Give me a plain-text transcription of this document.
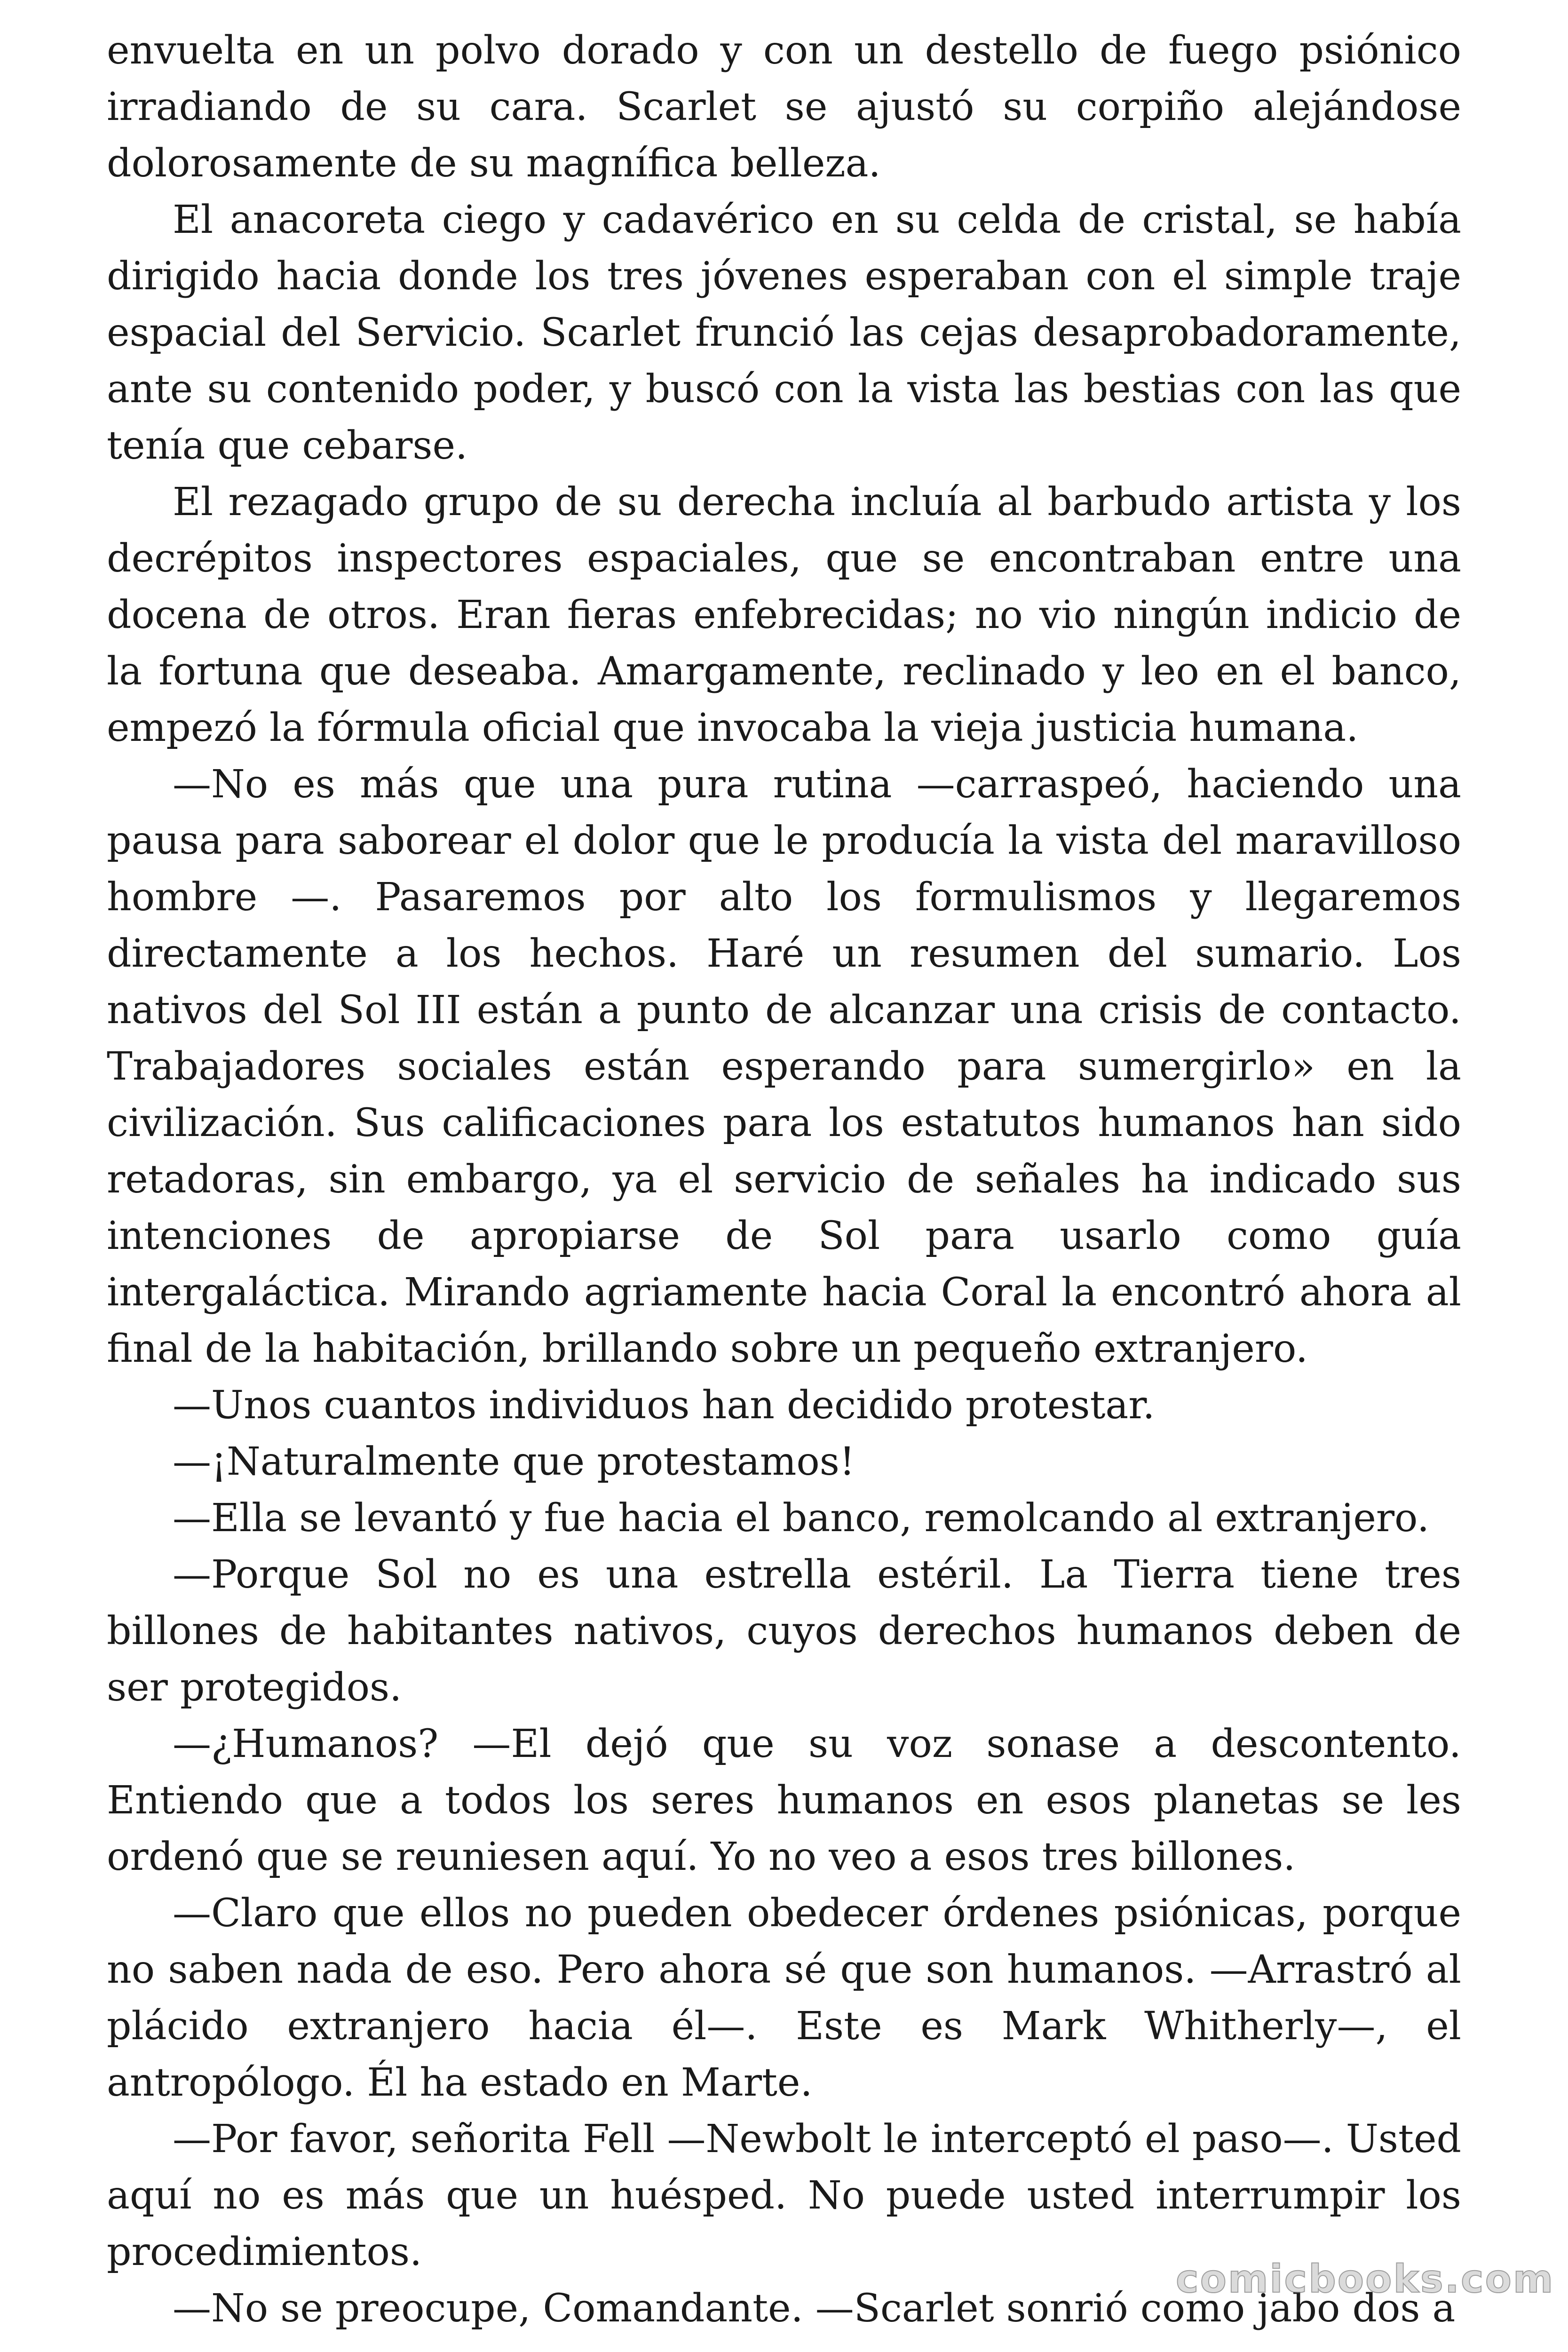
envuelta en un polvo dorado y con un destello de fuego psiónico irradiando de su cara. Scarlet se ajustó su corpiño alejándose dolorosamente de su magnífica belleza.

El anacoreta ciego y cadavérico en su celda de cristal, se había dirigido hacia donde los tres jóvenes esperaban con el simple traje espacial del Servicio. Scarlet frunció las cejas desaprobadoramente, ante su contenido poder, y buscó con la vista las bestias con las que tenía que cebarse.

El rezagado grupo de su derecha incluía al barbudo artista y los decrépitos inspectores espaciales, que se encontraban entre una docena de otros. Eran fieras enfebrecidas; no vio ningún indicio de la fortuna que deseaba. Amargamente, reclinado y leo en el banco, empezó la fórmula oficial que invocaba la vieja justicia humana.

—No es más que una pura rutina —carraspeó, haciendo una pausa para saborear el dolor que le producía la vista del maravilloso hombre —. Pasaremos por alto los formulismos y llegaremos directamente a los hechos. Haré un resumen del sumario. Los nativos del Sol III están a punto de alcanzar una crisis de contacto. Trabajadores sociales están esperando para sumergirlo» en la civilización. Sus calificaciones para los estatutos humanos han sido retadoras, sin embargo, ya el servicio de señales ha indicado sus intenciones de apropiarse de Sol para usarlo como guía intergaláctica. Mirando agriamente hacia Coral la encontró ahora al final de la habitación, brillando sobre un pequeño extranjero.

—Unos cuantos individuos han decidido protestar.

—¡Naturalmente que protestamos!

—Ella se levantó y fue hacia el banco, remolcando al extranjero.

—Porque Sol no es una estrella estéril. La Tierra tiene tres billones de habitantes nativos, cuyos derechos humanos deben de ser protegidos.

—¿Humanos? —El dejó que su voz sonase a descontento. Entiendo que a todos los seres humanos en esos planetas se les ordenó que se reuniesen aquí. Yo no veo a esos tres billones.

—Claro que ellos no pueden obedecer órdenes psiónicas, porque no saben nada de eso. Pero ahora sé que son humanos. —Arrastró al plácido extranjero hacia él—. Este es Mark Whitherly—, el antropólogo. Él ha estado en Marte.

—Por favor, señorita Fell —Newbolt le interceptó el paso—. Usted aquí no es más que un huésped. No puede usted interrumpir los procedimientos.

—No se preocupe, Comandante. —Scarlet sonrió como jabo dos a

comicbooks.com
